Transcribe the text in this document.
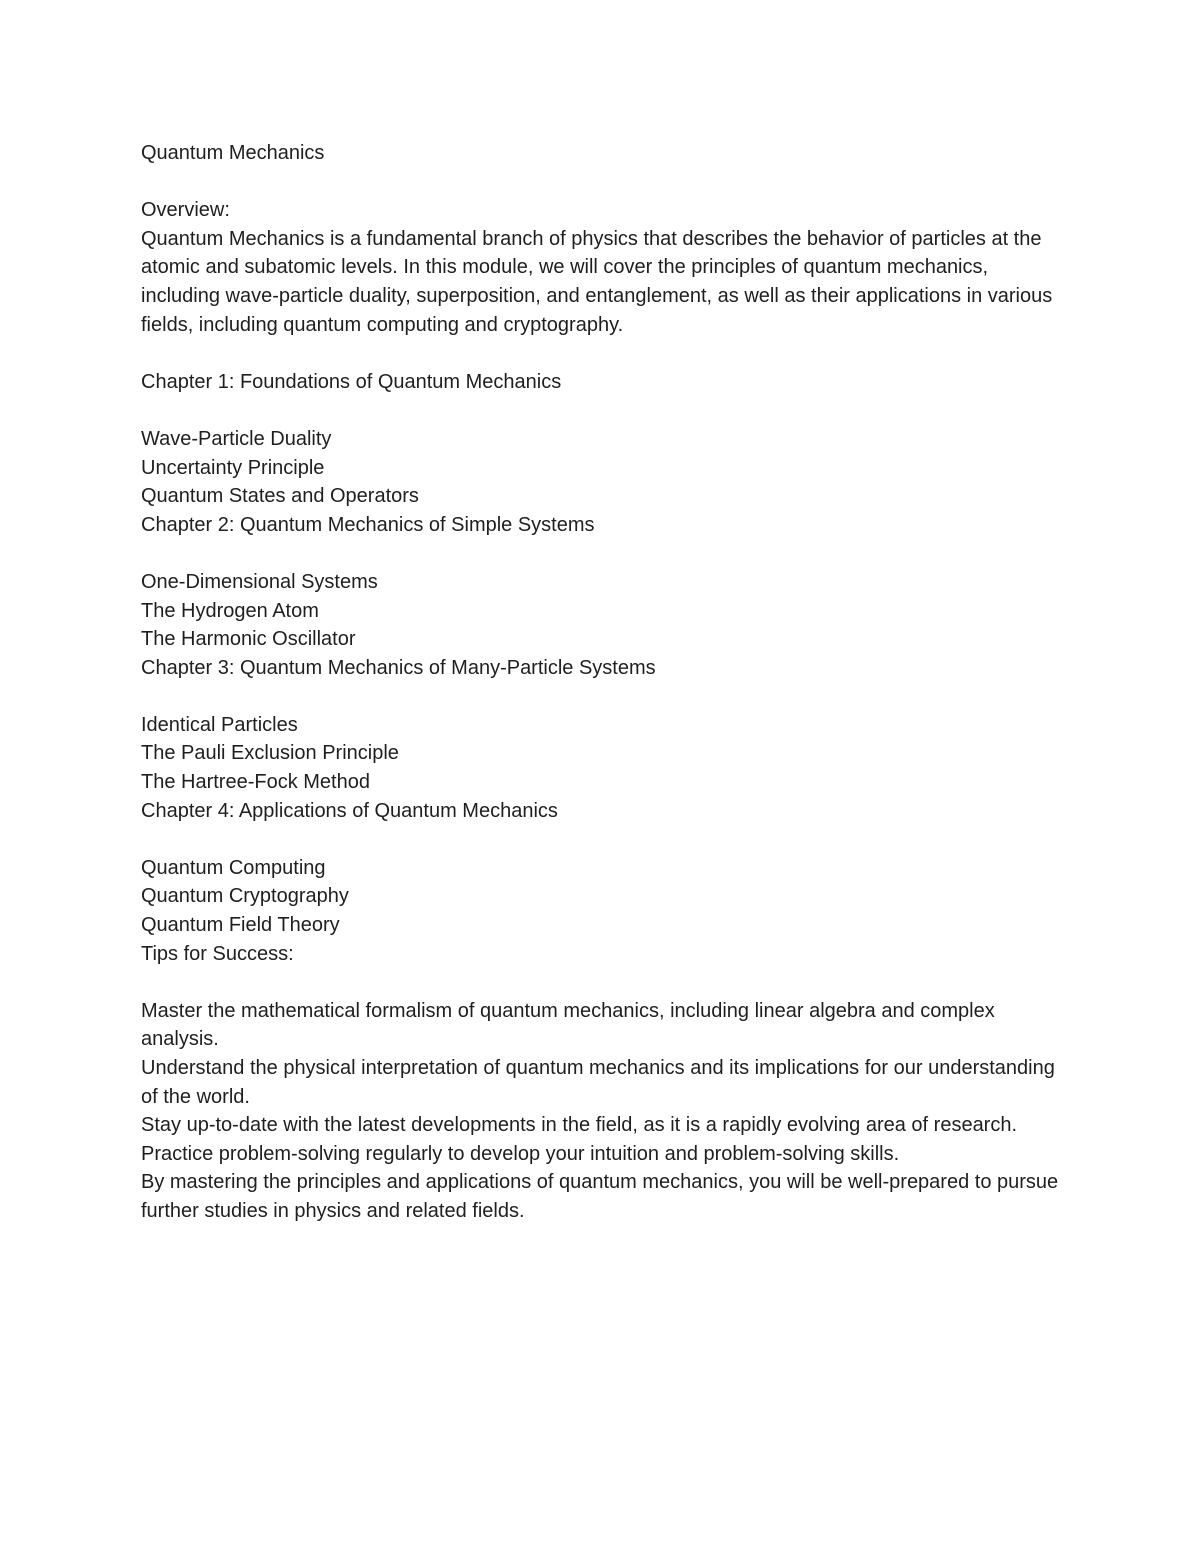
Quantum Mechanics

Overview:

Quantum Mechanics is a fundamental branch of physics that describes the behavior of particles at the atomic and subatomic levels. In this module, we will cover the principles of quantum mechanics, including wave-particle duality, superposition, and entanglement, as well as their applications in various fields, including quantum computing and cryptography.

Chapter 1: Foundations of Quantum Mechanics

Wave-Particle Duality

Uncertainty Principle

Quantum States and Operators

Chapter 2: Quantum Mechanics of Simple Systems

One-Dimensional Systems

The Hydrogen Atom

The Harmonic Oscillator

Chapter 3: Quantum Mechanics of Many-Particle Systems

Identical Particles

The Pauli Exclusion Principle

The Hartree-Fock Method

Chapter 4: Applications of Quantum Mechanics

Quantum Computing

Quantum Cryptography

Quantum Field Theory

Tips for Success:

Master the mathematical formalism of quantum mechanics, including linear algebra and complex analysis.

Understand the physical interpretation of quantum mechanics and its implications for our understanding of the world.

Stay up-to-date with the latest developments in the field, as it is a rapidly evolving area of research.

Practice problem-solving regularly to develop your intuition and problem-solving skills.

By mastering the principles and applications of quantum mechanics, you will be well-prepared to pursue further studies in physics and related fields.
